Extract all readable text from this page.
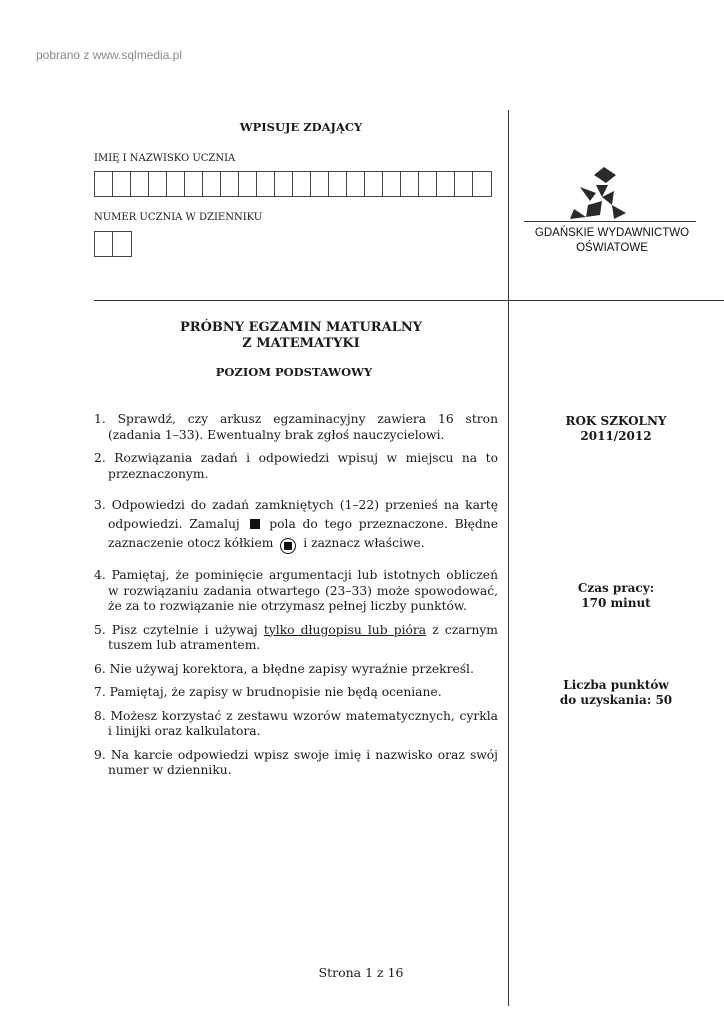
pobrano z www.sqlmedia.pl
WPISUJE ZDAJĄCY
IMIĘ I NAZWISKO UCZNIA
NUMER UCZNIA W DZIENNIKU
GDAŃSKIE WYDAWNICTWO
OŚWIATOWE
PRÓBNY EGZAMIN MATURALNY
Z MATEMATYKI
POZIOM PODSTAWOWY
1. Sprawdź, czy arkusz egzaminacyjny zawiera 16 stron (zadania 1–33). Ewentualny brak zgłoś nauczycielowi.
2. Rozwiązania zadań i odpowiedzi wpisuj w miejscu na to przeznaczonym.
3. Odpowiedzi do zadań zamkniętych (1–22) przenieś na kartę odpowiedzi. Zamaluj pola do tego przeznaczone. Błędne zaznaczenie otocz kółkiem i zaznacz właściwe.
4. Pamiętaj, że pominięcie argumentacji lub istotnych obliczeń w rozwiązaniu zadania otwartego (23–33) może spowodować, że za to rozwiązanie nie otrzymasz pełnej liczby punktów.
5. Pisz czytelnie i używaj tylko długopisu lub pióra z czarnym tuszem lub atramentem.
6. Nie używaj korektora, a błędne zapisy wyraźnie przekreśl.
7. Pamiętaj, że zapisy w brudnopisie nie będą oceniane.
8. Możesz korzystać z zestawu wzorów matematycznych, cyrkla i linijki oraz kalkulatora.
9. Na karcie odpowiedzi wpisz swoje imię i nazwisko oraz swój numer w dzienniku.
ROK SZKOLNY
2011/2012
Czas pracy:
170 minut
Liczba punktów
do uzyskania: 50
Strona 1 z 16
